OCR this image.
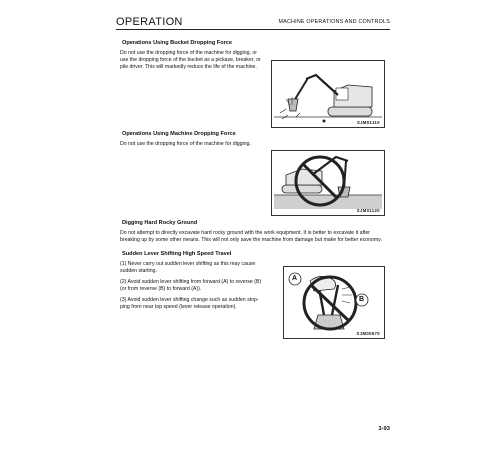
OPERATION	MACHINE OPERATIONS AND CONTROLS
Operations Using Bucket Dropping Force
Do not use the dropping force of the machine for digging, or
use the dropping force of the bucket as a pickaxe, breaker, or
pile driver. This will markedly reduce the life of the machine.
SJM01110
Operations Using Machine Dropping Force
Do not use the dropping force of the machine for digging.
SJM01120
Digging Hard Rocky Ground
Do not attempt to directly excavate hard rocky ground with the work equipment. It is better to excavate it after
breaking up by some other means. This will not only save the machine from damage but make for better economy.
Sudden Lever Shifting High Speed Travel
(1) Never carry out sudden lever shifting as this may cause
sudden starting.
(2) Avoid sudden lever shifting from forward (A) to reverse (B)
(or from reverse (B) to forward (A)).
(3) Avoid sudden lever shifting change such as sudden stop-
ping from near top speed (lever release operation).
A
B
SJM00670
3-93
